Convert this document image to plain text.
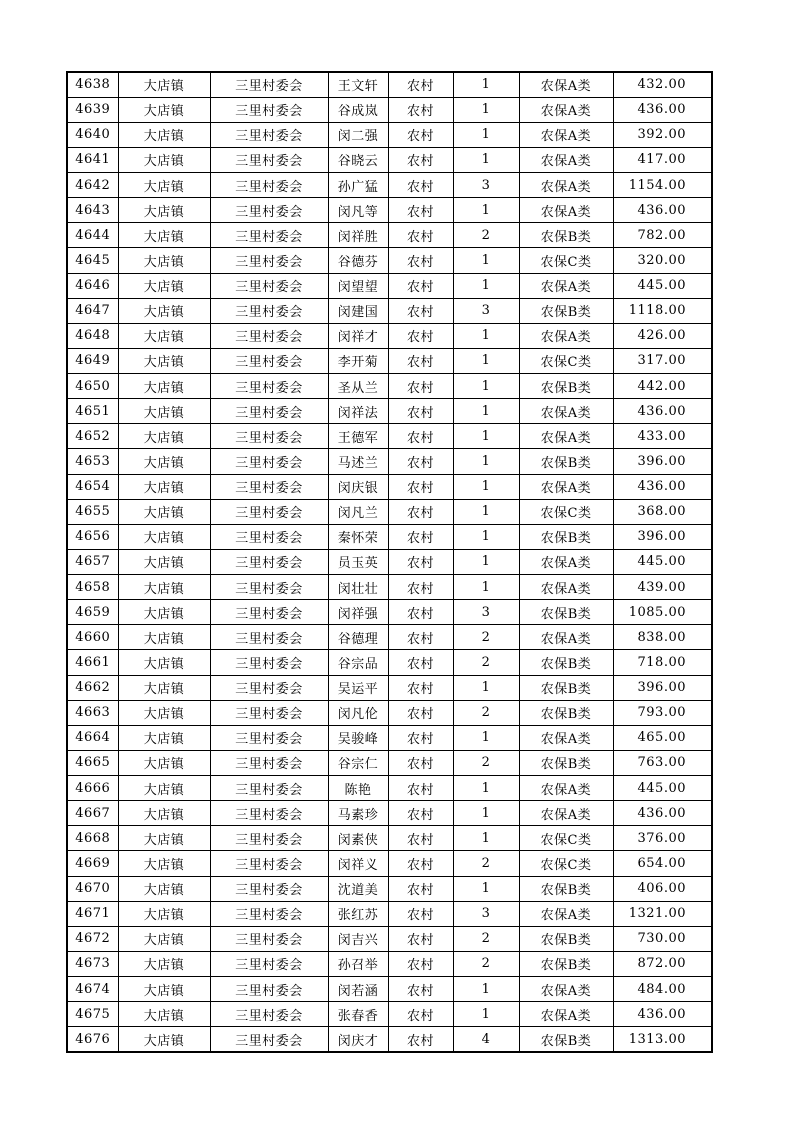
4638	大店镇	三里村委会	王文轩	农村	1	农保A类	432.00
4639	大店镇	三里村委会	谷成岚	农村	1	农保A类	436.00
4640	大店镇	三里村委会	闵二强	农村	1	农保A类	392.00
4641	大店镇	三里村委会	谷晓云	农村	1	农保A类	417.00
4642	大店镇	三里村委会	孙广猛	农村	3	农保A类	1154.00
4643	大店镇	三里村委会	闵凡等	农村	1	农保A类	436.00
4644	大店镇	三里村委会	闵祥胜	农村	2	农保B类	782.00
4645	大店镇	三里村委会	谷德芬	农村	1	农保C类	320.00
4646	大店镇	三里村委会	闵望望	农村	1	农保A类	445.00
4647	大店镇	三里村委会	闵建国	农村	3	农保B类	1118.00
4648	大店镇	三里村委会	闵祥才	农村	1	农保A类	426.00
4649	大店镇	三里村委会	李开菊	农村	1	农保C类	317.00
4650	大店镇	三里村委会	圣从兰	农村	1	农保B类	442.00
4651	大店镇	三里村委会	闵祥法	农村	1	农保A类	436.00
4652	大店镇	三里村委会	王德军	农村	1	农保A类	433.00
4653	大店镇	三里村委会	马述兰	农村	1	农保B类	396.00
4654	大店镇	三里村委会	闵庆银	农村	1	农保A类	436.00
4655	大店镇	三里村委会	闵凡兰	农村	1	农保C类	368.00
4656	大店镇	三里村委会	秦怀荣	农村	1	农保B类	396.00
4657	大店镇	三里村委会	员玉英	农村	1	农保A类	445.00
4658	大店镇	三里村委会	闵壮壮	农村	1	农保A类	439.00
4659	大店镇	三里村委会	闵祥强	农村	3	农保B类	1085.00
4660	大店镇	三里村委会	谷德理	农村	2	农保A类	838.00
4661	大店镇	三里村委会	谷宗品	农村	2	农保B类	718.00
4662	大店镇	三里村委会	吴运平	农村	1	农保B类	396.00
4663	大店镇	三里村委会	闵凡伦	农村	2	农保B类	793.00
4664	大店镇	三里村委会	吴骏峰	农村	1	农保A类	465.00
4665	大店镇	三里村委会	谷宗仁	农村	2	农保B类	763.00
4666	大店镇	三里村委会	陈艳	农村	1	农保A类	445.00
4667	大店镇	三里村委会	马素珍	农村	1	农保A类	436.00
4668	大店镇	三里村委会	闵素侠	农村	1	农保C类	376.00
4669	大店镇	三里村委会	闵祥义	农村	2	农保C类	654.00
4670	大店镇	三里村委会	沈道美	农村	1	农保B类	406.00
4671	大店镇	三里村委会	张红苏	农村	3	农保A类	1321.00
4672	大店镇	三里村委会	闵吉兴	农村	2	农保B类	730.00
4673	大店镇	三里村委会	孙召举	农村	2	农保B类	872.00
4674	大店镇	三里村委会	闵若涵	农村	1	农保A类	484.00
4675	大店镇	三里村委会	张春香	农村	1	农保A类	436.00
4676	大店镇	三里村委会	闵庆才	农村	4	农保B类	1313.00
